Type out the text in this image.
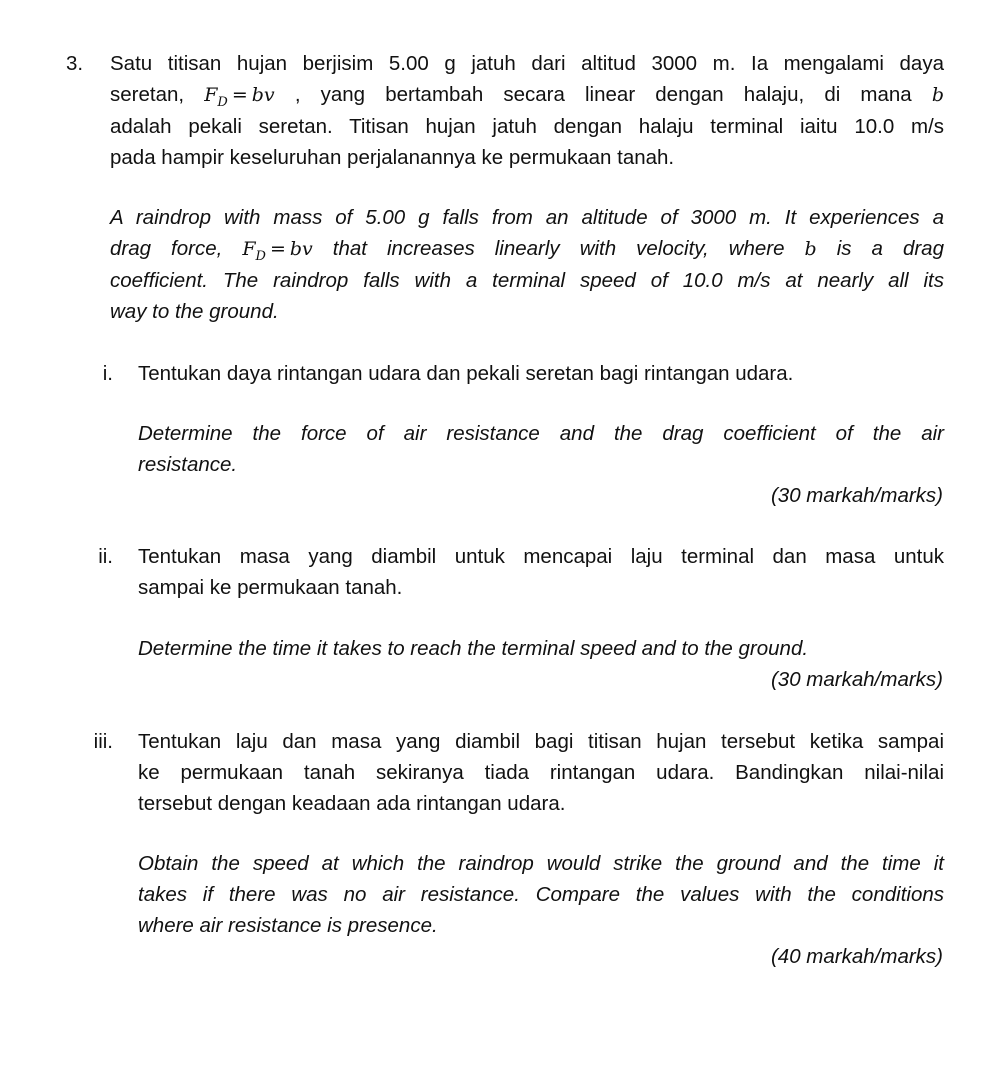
3. Satu titisan hujan berjisim 5.00 g jatuh dari altitud 3000 m. Ia mengalami daya
seretan, $F_D$ = bv , yang bertambah secara linear dengan halaju, di mana b
adalah pekali seretan. Titisan hujan jatuh dengan halaju terminal iaitu 10.0 m/s
pada hampir keseluruhan perjalanannya ke permukaan tanah.
A raindrop with mass of 5.00 g falls from an altitude of 3000 m. It experiences a
drag force, $F_D$ = bv that increases linearly with velocity, where b is a drag
coefficient. The raindrop falls with a terminal speed of 10.0 m/s at nearly all its
way to the ground.
i. Tentukan daya rintangan udara dan pekali seretan bagi rintangan udara.
Determine the force of air resistance and the drag coefficient of the air
resistance.
(30 markah/marks)
ii. Tentukan masa yang diambil untuk mencapai laju terminal dan masa untuk
sampai ke permukaan tanah.
Determine the time it takes to reach the terminal speed and to the ground.
(30 markah/marks)
iii. Tentukan laju dan masa yang diambil bagi titisan hujan tersebut ketika sampai
ke permukaan tanah sekiranya tiada rintangan udara. Bandingkan nilai-nilai
tersebut dengan keadaan ada rintangan udara.
Obtain the speed at which the raindrop would strike the ground and the time it
takes if there was no air resistance. Compare the values with the conditions
where air resistance is presence.
(40 markah/marks)
